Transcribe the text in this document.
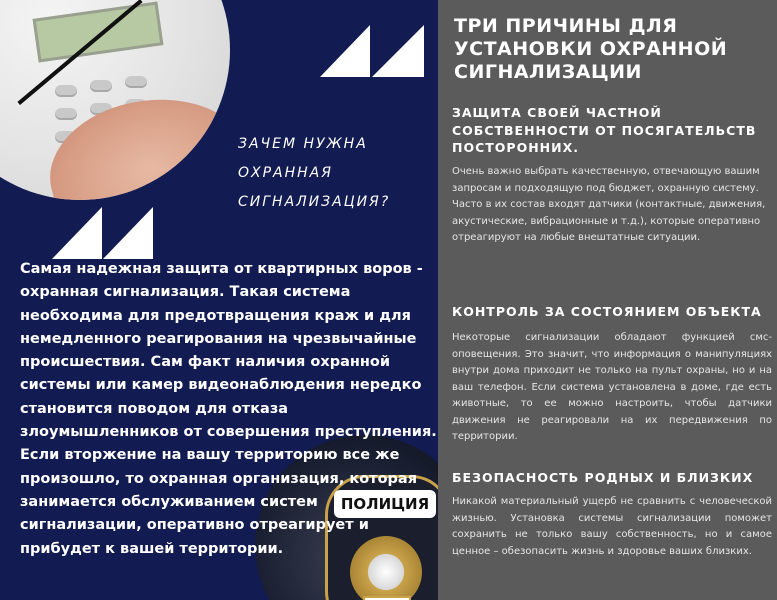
ЗАЧЕМ НУЖНА ОХРАННАЯ СИГНАЛИЗАЦИЯ?
ПОЛИЦИЯ
Самая надежная защита от квартирных воров - охранная сигнализация. Такая система необходима для предотвращения краж и для немедленного реагирования на чрезвычайные происшествия. Сам факт наличия охранной системы или камер видеонаблюдения нередко становится поводом для отказа злоумышленников от совершения преступления. Если вторжение на вашу территорию все же произошло, то охранная организация, которая занимается обслуживанием систем сигнализации, оперативно отреагирует и прибудет к вашей территории.
ТРИ ПРИЧИНЫ ДЛЯ УСТАНОВКИ ОХРАННОЙ СИГНАЛИЗАЦИИ
ЗАЩИТА СВОЕЙ ЧАСТНОЙ СОБСТВЕННОСТИ ОТ ПОСЯГАТЕЛЬСТВ ПОСТОРОННИХ.
Очень важно выбрать качественную, отвечающую вашим запросам и подходящую под бюджет, охранную систему. Часто в их состав входят датчики (контактные, движения, акустические, вибрационные и т.д.), которые оперативно отреагируют на любые внештатные ситуации.
КОНТРОЛЬ ЗА СОСТОЯНИЕМ ОБЪЕКТА
Некоторые сигнализации обладают функцией смс-оповещения. Это значит, что информация о манипуляциях внутри дома приходит не только на пульт охраны, но и на ваш телефон. Если система установлена в доме, где есть животные, то ее можно настроить, чтобы датчики движения не реагировали на их передвижения по территории.
БЕЗОПАСНОСТЬ РОДНЫХ И БЛИЗКИХ
Никакой материальный ущерб не сравнить с человеческой жизнью. Установка системы сигнализации поможет сохранить не только вашу собственность, но и самое ценное – обезопасить жизнь и здоровье ваших близких.
